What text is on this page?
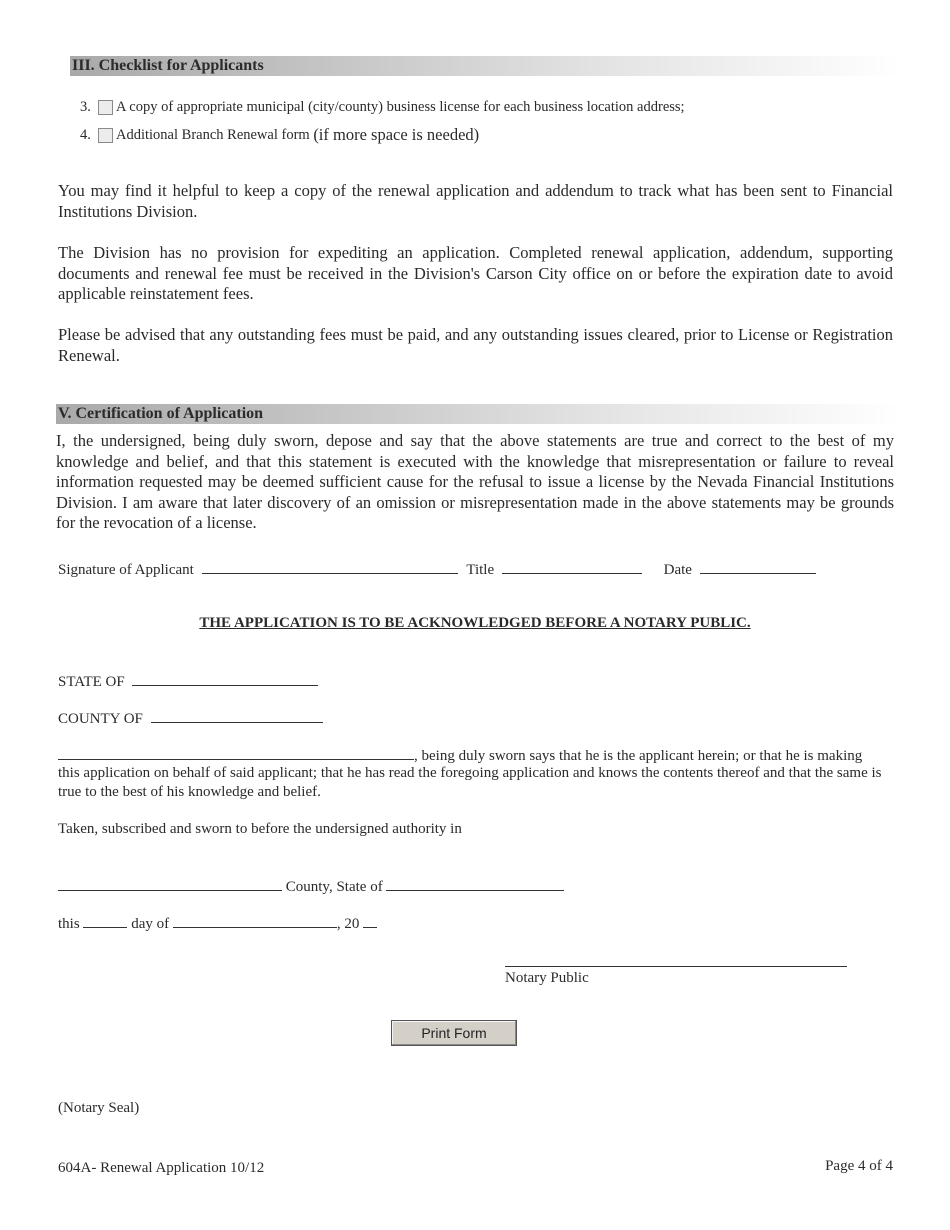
III. Checklist for Applicants
3.	A copy of appropriate municipal (city/county) business license for each business location address;
4.	Additional Branch Renewal form
(if more space is needed)
You may find it helpful to keep a copy of the renewal application and addendum to track what has been sent to Financial Institutions Division.
The Division has no provision for expediting an application. Completed renewal application, addendum, supporting documents and renewal fee must be received in the Division's Carson City office on or before the expiration date to avoid applicable reinstatement fees.
Please be advised that any outstanding fees must be paid, and any outstanding issues cleared, prior to License or Registration Renewal.
V. Certification of Application
I, the undersigned, being duly sworn, depose and say that the above statements are true and correct to the best of my knowledge and belief, and that this statement is executed with the knowledge that misrepresentation or failure to reveal information requested may be deemed sufficient cause for the refusal to issue a license by the Nevada Financial Institutions Division. I am aware that later discovery of an omission or misrepresentation made in the above statements may be grounds for the revocation of a license.
Signature of Applicant	Title	Date
THE APPLICATION IS TO BE ACKNOWLEDGED BEFORE A NOTARY PUBLIC.
STATE OF
COUNTY OF
, being duly sworn says that he is the applicant herein; or that he is making
this application on behalf of said applicant; that he has read the foregoing application and knows the contents thereof and that the same is true to the best of his knowledge and belief.
Taken, subscribed and sworn to before the undersigned authority in
County, State of
this	day of	, 20
Notary Public
Print Form
(Notary Seal)
604A- Renewal Application 10/12	Page 4 of 4
